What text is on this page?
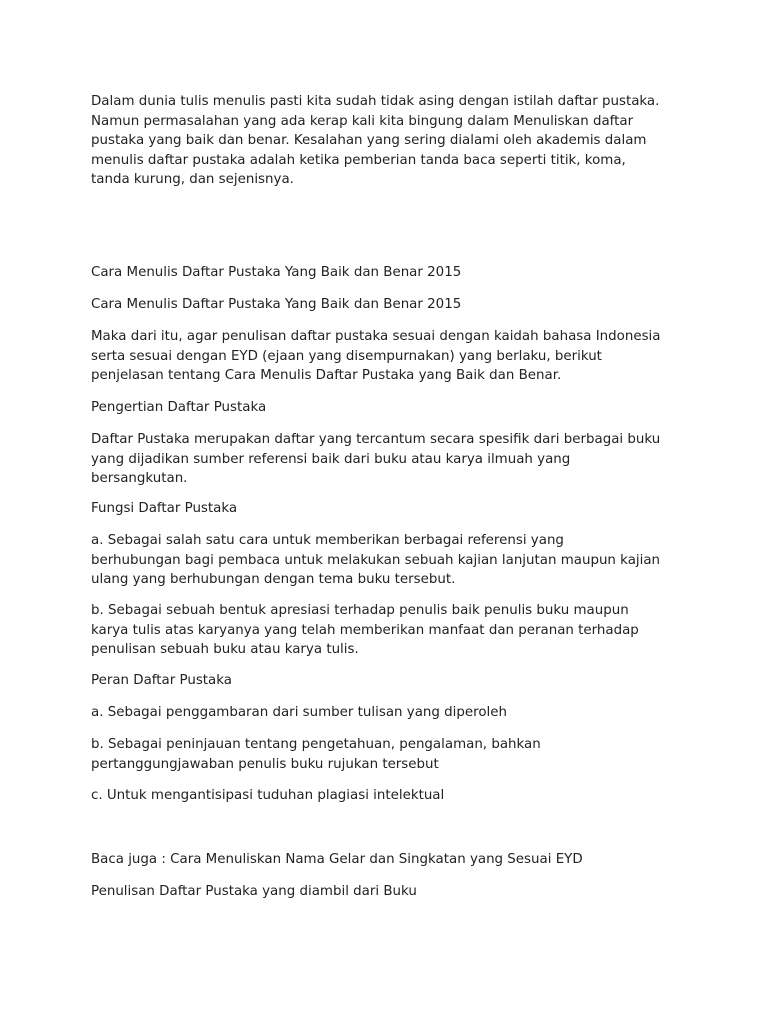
Dalam dunia tulis menulis pasti kita sudah tidak asing dengan istilah daftar pustaka.
Namun permasalahan yang ada kerap kali kita bingung dalam Menuliskan daftar
pustaka yang baik dan benar. Kesalahan yang sering dialami oleh akademis dalam
menulis daftar pustaka adalah ketika pemberian tanda baca seperti titik, koma,
tanda kurung, dan sejenisnya.

Cara Menulis Daftar Pustaka Yang Baik dan Benar 2015

Cara Menulis Daftar Pustaka Yang Baik dan Benar 2015

Maka dari itu, agar penulisan daftar pustaka sesuai dengan kaidah bahasa Indonesia
serta sesuai dengan EYD (ejaan yang disempurnakan) yang berlaku, berikut
penjelasan tentang Cara Menulis Daftar Pustaka yang Baik dan Benar.

Pengertian Daftar Pustaka

Daftar Pustaka merupakan daftar yang tercantum secara spesifik dari berbagai buku
yang dijadikan sumber referensi baik dari buku atau karya ilmuah yang
bersangkutan.

Fungsi Daftar Pustaka

a. Sebagai salah satu cara untuk memberikan berbagai referensi yang
berhubungan bagi pembaca untuk melakukan sebuah kajian lanjutan maupun kajian
ulang yang berhubungan dengan tema buku tersebut.

b. Sebagai sebuah bentuk apresiasi terhadap penulis baik penulis buku maupun
karya tulis atas karyanya yang telah memberikan manfaat dan peranan terhadap
penulisan sebuah buku atau karya tulis.

Peran Daftar Pustaka

a. Sebagai penggambaran dari sumber tulisan yang diperoleh

b. Sebagai peninjauan tentang pengetahuan, pengalaman, bahkan
pertanggungjawaban penulis buku rujukan tersebut

c. Untuk mengantisipasi tuduhan plagiasi intelektual

Baca juga : Cara Menuliskan Nama Gelar dan Singkatan yang Sesuai EYD

Penulisan Daftar Pustaka yang diambil dari Buku
